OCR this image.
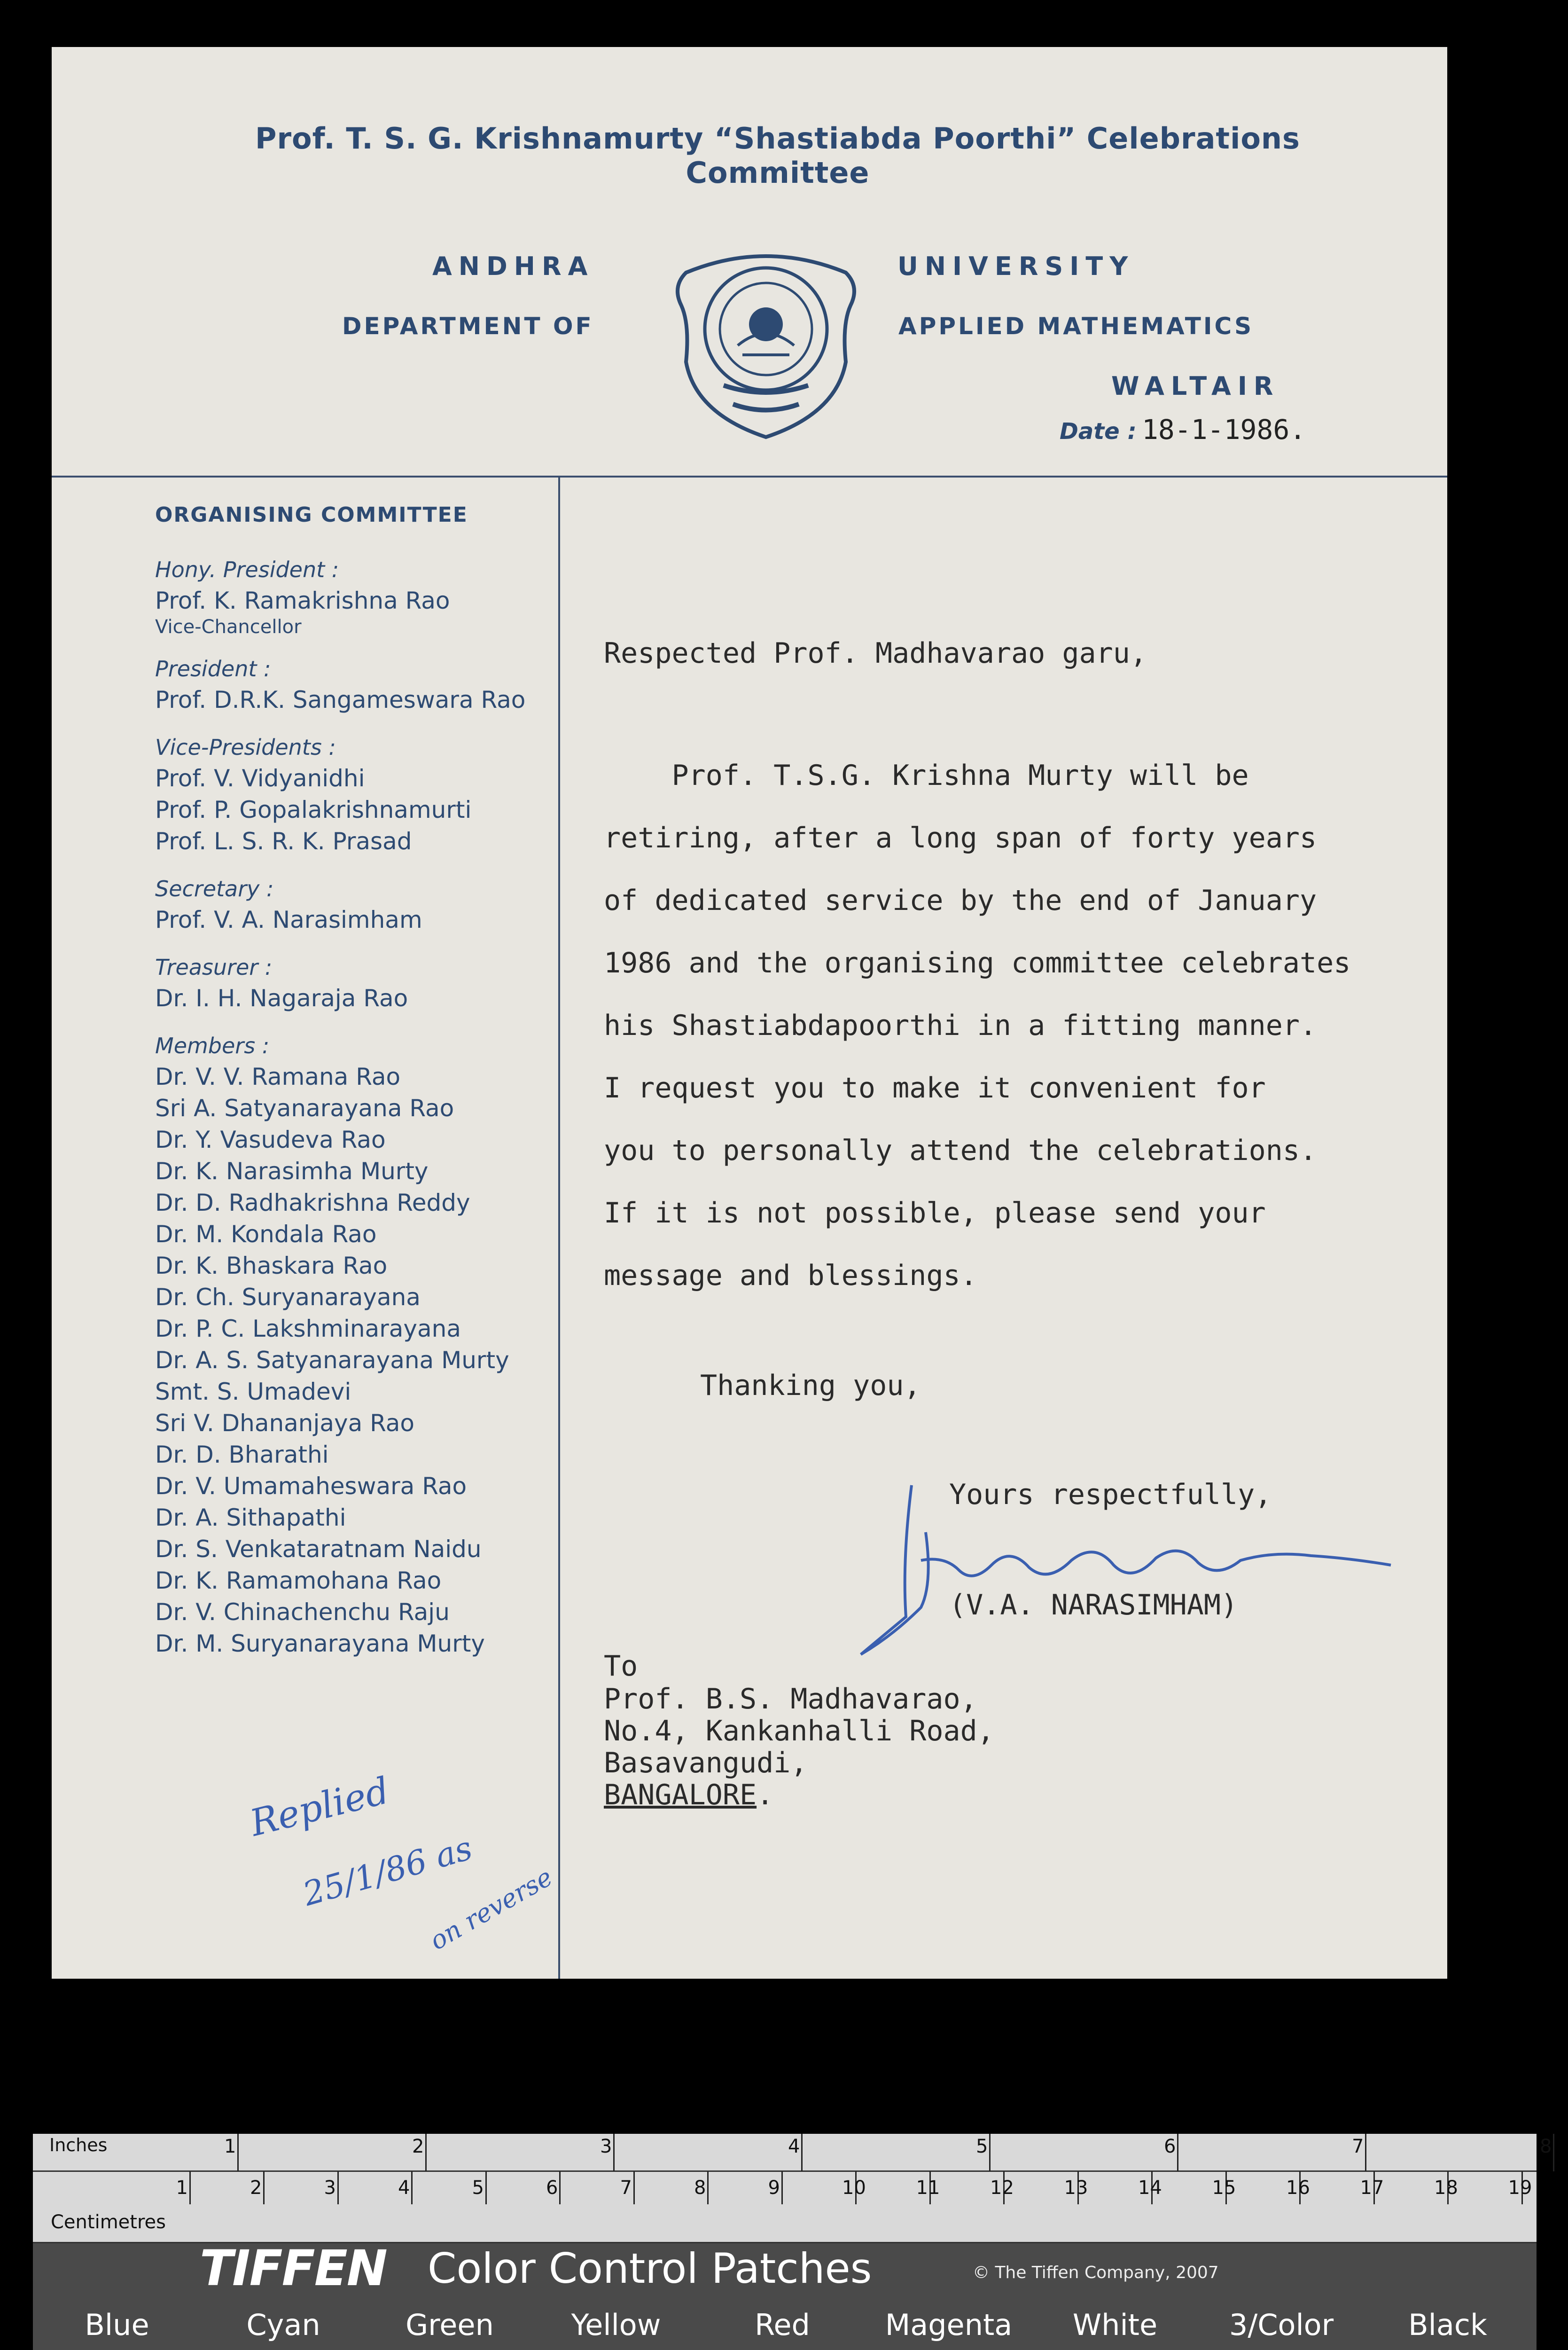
Prof. T. S. G. Krishnamurty “Shastiabda Poorthi” Celebrations Committee
ANDHRA	UNIVERSITY
DEPARTMENT OF	APPLIED MATHEMATICS
WALTAIR
Date : 18-1-1986.
ORGANISING COMMITTEE
Hony. President :
Prof. K. Ramakrishna Rao
Vice-Chancellor
President :
Prof. D.R.K. Sangameswara Rao
Vice-Presidents :
Prof. V. Vidyanidhi
Prof. P. Gopalakrishnamurti
Prof. L. S. R. K. Prasad
Secretary :
Prof. V. A. Narasimham
Treasurer :
Dr. I. H. Nagaraja Rao
Members :
Dr. V. V. Ramana Rao
Sri A. Satyanarayana Rao
Dr. Y. Vasudeva Rao
Dr. K. Narasimha Murty
Dr. D. Radhakrishna Reddy
Dr. M. Kondala Rao
Dr. K. Bhaskara Rao
Dr. Ch. Suryanarayana
Dr. P. C. Lakshminarayana
Dr. A. S. Satyanarayana Murty
Smt. S. Umadevi
Sri V. Dhananjaya Rao
Dr. D. Bharathi
Dr. V. Umamaheswara Rao
Dr. A. Sithapathi
Dr. S. Venkataratnam Naidu
Dr. K. Ramamohana Rao
Dr. V. Chinachenchu Raju
Dr. M. Suryanarayana Murty
Respected Prof. Madhavarao garu,
Prof. T.S.G. Krishna Murty will be
retiring, after a long span of forty years
of dedicated service by the end of January
1986 and the organising committee celebrates
his Shastiabdapoorthi in a fitting manner.
I request you to make it convenient for
you to personally attend the celebrations.
If it is not possible, please send your
message and blessings.
Thanking you,
Yours respectfully,
(V.A. NARASIMHAM)
To
Prof. B.S. Madhavarao,
No.4, Kankanhalli Road,
Basavangudi,
BANGALORE.
Replied
25/1/86 as
on reverse
Inches
Centimetres
1	2	3	4	5	6	7	8
1	2	3	4	5	6	7	8	9	10	11	12	13	14	15	16	17	18	19
TIFFEN Color Control Patches	© The Tiffen Company, 2007
Blue	Cyan	Green	Yellow	Red	Magenta	White	3/Color	Black
